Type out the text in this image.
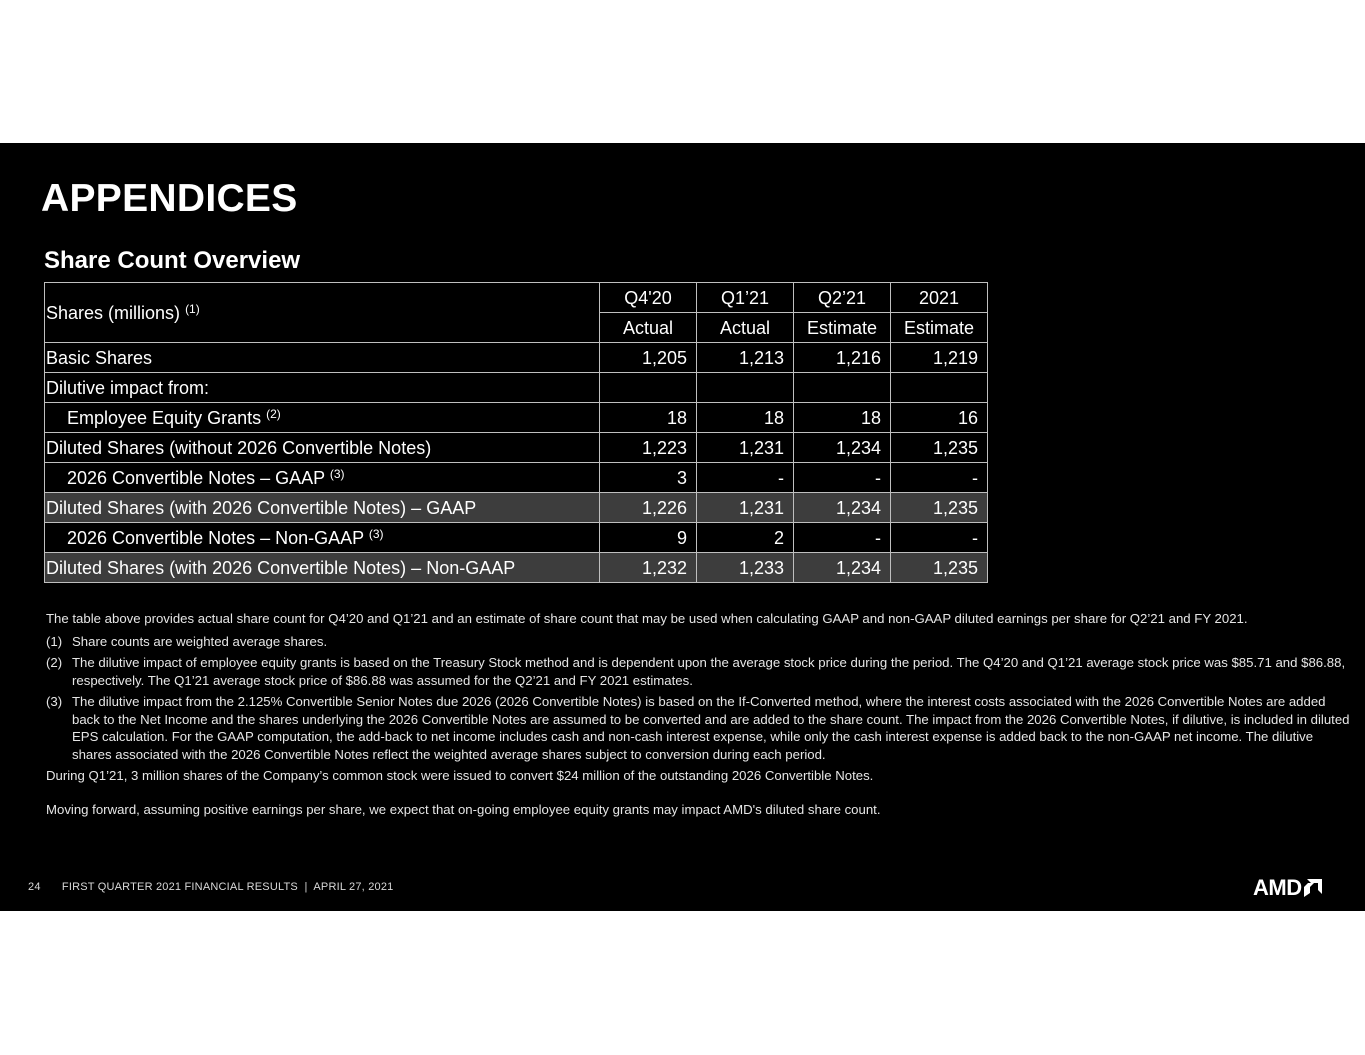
APPENDICES
Share Count Overview
Shares (millions) $^{(1)}$	Q4'20	Q1’21	Q2’21	2021
	Actual	Actual	Estimate	Estimate
Basic Shares	1,205	1,213	1,216	1,219
Dilutive impact from:				
Employee Equity Grants $^{(2)}$	18	18	18	16
Diluted Shares (without 2026 Convertible Notes)	1,223	1,231	1,234	1,235
2026 Convertible Notes – GAAP $^{(3)}$	3	-	-	-
Diluted Shares (with 2026 Convertible Notes) – GAAP	1,226	1,231	1,234	1,235
2026 Convertible Notes – Non-GAAP $^{(3)}$	9	2	-	-
Diluted Shares (with 2026 Convertible Notes) – Non-GAAP	1,232	1,233	1,234	1,235

The table above provides actual share count for Q4’20 and Q1’21 and an estimate of share count that may be used when calculating GAAP and non-GAAP diluted earnings per share for Q2’21 and FY 2021.

(1) Share counts are weighted average shares.
(2) The dilutive impact of employee equity grants is based on the Treasury Stock method and is dependent upon the average stock price during the period. The Q4’20 and Q1’21 average stock price was $85.71 and $86.88, respectively. The Q1’21 average stock price of $86.88 was assumed for the Q2’21 and FY 2021 estimates.
(3) The dilutive impact from the 2.125% Convertible Senior Notes due 2026 (2026 Convertible Notes) is based on the If-Converted method, where the interest costs associated with the 2026 Convertible Notes are added back to the Net Income and the shares underlying the 2026 Convertible Notes are assumed to be converted and are added to the share count. The impact from the 2026 Convertible Notes, if dilutive, is included in diluted EPS calculation. For the GAAP computation, the add-back to net income includes cash and non-cash interest expense, while only the cash interest expense is added back to the non-GAAP net income. The dilutive shares associated with the 2026 Convertible Notes reflect the weighted average shares subject to conversion during each period.

During Q1’21, 3 million shares of the Company’s common stock were issued to convert $24 million of the outstanding 2026 Convertible Notes.

Moving forward, assuming positive earnings per share, we expect that on-going employee equity grants may impact AMD's diluted share count.

24 FIRST QUARTER 2021 FINANCIAL RESULTS  |  APRIL 27, 2021	AMD
